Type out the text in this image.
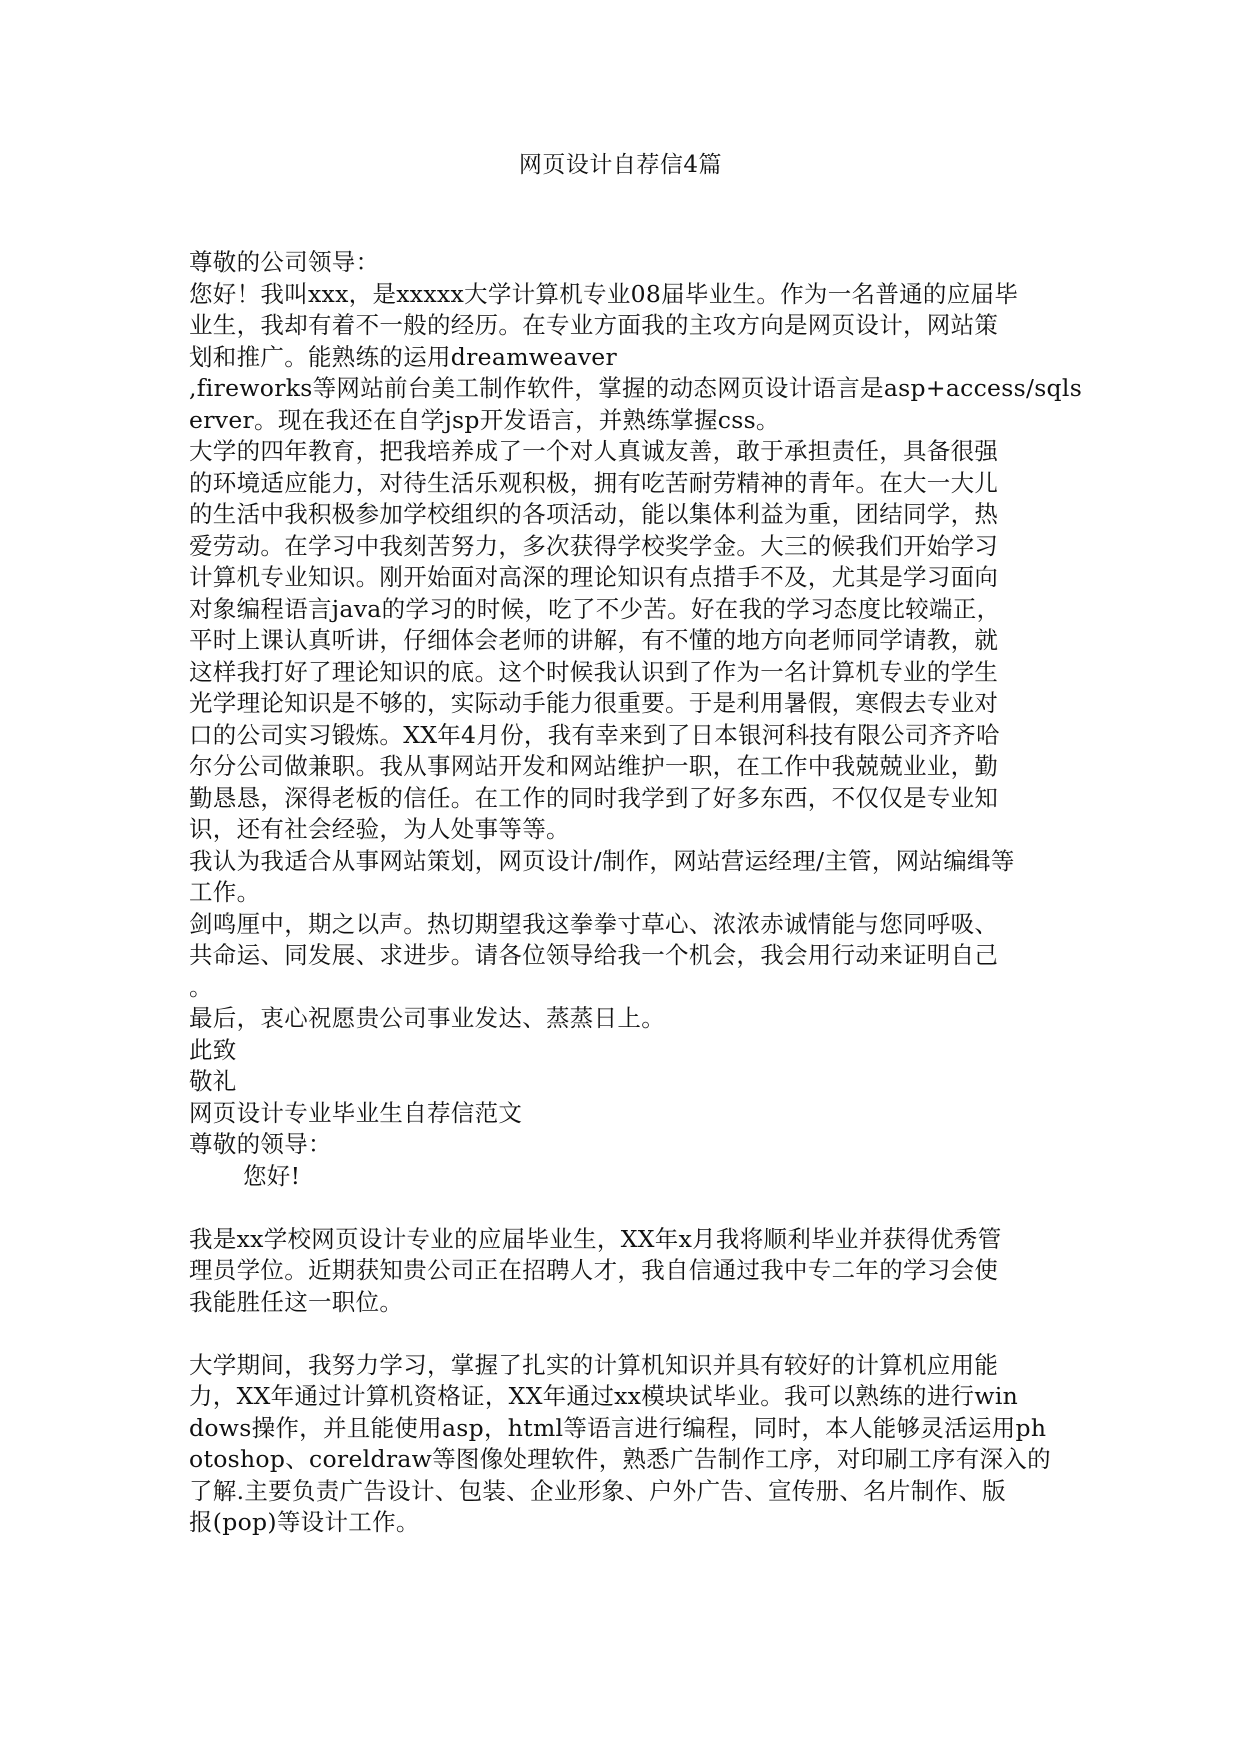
网页设计自荐信4篇
尊敬的公司领导：
您好！我叫xxx，是xxxxx大学计算机专业08届毕业生。作为一名普通的应届毕
业生，我却有着不一般的经历。在专业方面我的主攻方向是网页设计，网站策
划和推广。能熟练的运用dreamweaver
,fireworks等网站前台美工制作软件，掌握的动态网页设计语言是asp+access/sqls
erver。现在我还在自学jsp开发语言，并熟练掌握css。
大学的四年教育，把我培养成了一个对人真诚友善，敢于承担责任，具备很强
的环境适应能力，对待生活乐观积极，拥有吃苦耐劳精神的青年。在大一大儿
的生活中我积极参加学校组织的各项活动，能以集体利益为重，团结同学，热
爱劳动。在学习中我刻苦努力，多次获得学校奖学金。大三的候我们开始学习
计算机专业知识。刚开始面对高深的理论知识有点措手不及，尤其是学习面向
对象编程语言java的学习的时候，吃了不少苦。好在我的学习态度比较端正，
平时上课认真听讲，仔细体会老师的讲解，有不懂的地方向老师同学请教，就
这样我打好了理论知识的底。这个时候我认识到了作为一名计算机专业的学生
光学理论知识是不够的，实际动手能力很重要。于是利用暑假，寒假去专业对
口的公司实习锻炼。XX年4月份，我有幸来到了日本银河科技有限公司齐齐哈
尔分公司做兼职。我从事网站开发和网站维护一职，在工作中我兢兢业业，勤
勤恳恳，深得老板的信任。在工作的同时我学到了好多东西，不仅仅是专业知
识，还有社会经验，为人处事等等。
我认为我适合从事网站策划，网页设计/制作，网站营运经理/主管，网站编缉等
工作。
剑鸣厘中，期之以声。热切期望我这拳拳寸草心、浓浓赤诚情能与您同呼吸、
共命运、同发展、求进步。请各位领导给我一个机会，我会用行动来证明自己
。
最后，衷心祝愿贵公司事业发达、蒸蒸日上。
此致
敬礼
网页设计专业毕业生自荐信范文
尊敬的领导：
您好!
我是xx学校网页设计专业的应届毕业生，XX年x月我将顺利毕业并获得优秀管
理员学位。近期获知贵公司正在招聘人才，我自信通过我中专二年的学习会使
我能胜任这一职位。
大学期间，我努力学习，掌握了扎实的计算机知识并具有较好的计算机应用能
力，XX年通过计算机资格证，XX年通过xx模块试毕业。我可以熟练的进行win
dows操作，并且能使用asp，html等语言进行编程，同时，本人能够灵活运用ph
otoshop、coreldraw等图像处理软件，熟悉广告制作工序，对印刷工序有深入的
了解.主要负责广告设计、包装、企业形象、户外广告、宣传册、名片制作、版
报(pop)等设计工作。
